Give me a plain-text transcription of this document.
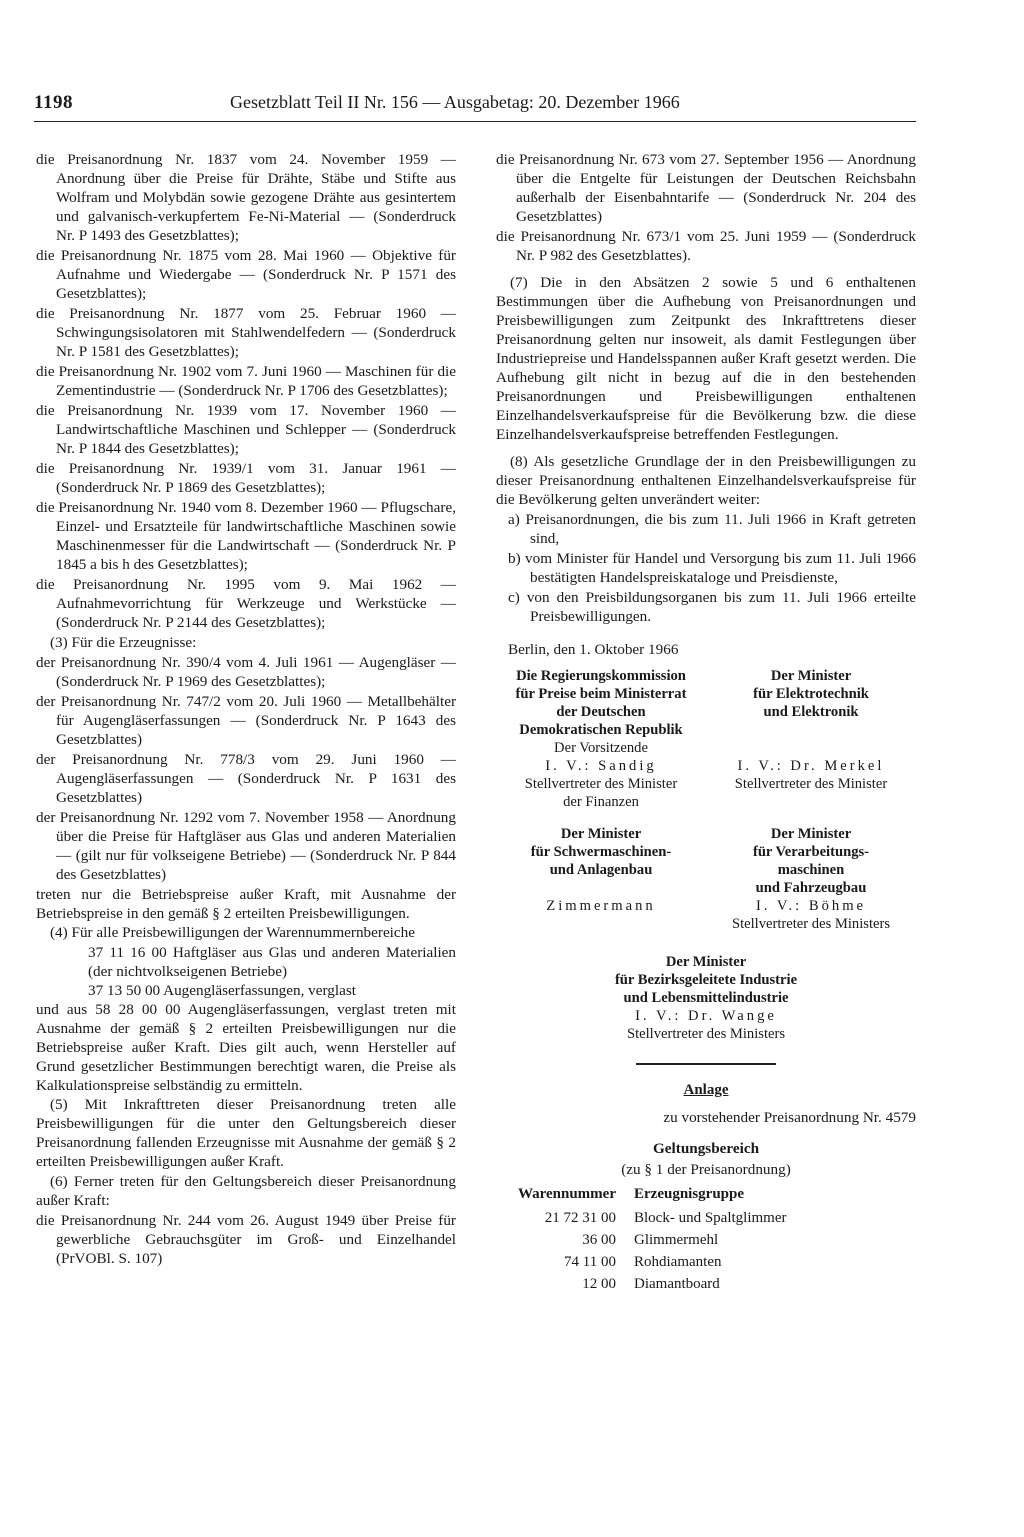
1198	Gesetzblatt Teil II Nr. 156 — Ausgabetag: 20. Dezember 1966

die Preisanordnung Nr. 1837 vom 24. November 1959 — Anordnung über die Preise für Drähte, Stäbe und Stifte aus Wolfram und Molybdän sowie gezogene Drähte aus gesintertem und galvanisch-verkupfertem Fe-Ni-Material — (Sonderdruck Nr. P 1493 des Gesetzblattes);

die Preisanordnung Nr. 1875 vom 28. Mai 1960 — Objektive für Aufnahme und Wiedergabe — (Sonderdruck Nr. P 1571 des Gesetzblattes);

die Preisanordnung Nr. 1877 vom 25. Februar 1960 — Schwingungsisolatoren mit Stahlwendelfedern — (Sonderdruck Nr. P 1581 des Gesetzblattes);

die Preisanordnung Nr. 1902 vom 7. Juni 1960 — Maschinen für die Zementindustrie — (Sonderdruck Nr. P 1706 des Gesetzblattes);

die Preisanordnung Nr. 1939 vom 17. November 1960 — Landwirtschaftliche Maschinen und Schlepper — (Sonderdruck Nr. P 1844 des Gesetzblattes);

die Preisanordnung Nr. 1939/1 vom 31. Januar 1961 — (Sonderdruck Nr. P 1869 des Gesetzblattes);

die Preisanordnung Nr. 1940 vom 8. Dezember 1960 — Pflugschare, Einzel- und Ersatzteile für landwirtschaftliche Maschinen sowie Maschinenmesser für die Landwirtschaft — (Sonderdruck Nr. P 1845 a bis h des Gesetzblattes);

die Preisanordnung Nr. 1995 vom 9. Mai 1962 — Aufnahmevorrichtung für Werkzeuge und Werkstücke — (Sonderdruck Nr. P 2144 des Gesetzblattes);

(3) Für die Erzeugnisse:

der Preisanordnung Nr. 390/4 vom 4. Juli 1961 — Augengläser — (Sonderdruck Nr. P 1969 des Gesetzblattes);

der Preisanordnung Nr. 747/2 vom 20. Juli 1960 — Metallbehälter für Augengläserfassungen — (Sonderdruck Nr. P 1643 des Gesetzblattes)

der Preisanordnung Nr. 778/3 vom 29. Juni 1960 — Augengläserfassungen — (Sonderdruck Nr. P 1631 des Gesetzblattes)

der Preisanordnung Nr. 1292 vom 7. November 1958 — Anordnung über die Preise für Haftgläser aus Glas und anderen Materialien — (gilt nur für volkseigene Betriebe) — (Sonderdruck Nr. P 844 des Gesetzblattes)

treten nur die Betriebspreise außer Kraft, mit Ausnahme der Betriebspreise in den gemäß § 2 erteilten Preisbewilligungen.

(4) Für alle Preisbewilligungen der Warennummernbereiche

37 11 16 00 Haftgläser aus Glas und anderen Materialien (der nichtvolkseigenen Betriebe)

37 13 50 00 Augengläserfassungen, verglast

und aus 58 28 00 00 Augengläserfassungen, verglast treten mit Ausnahme der gemäß § 2 erteilten Preisbewilligungen nur die Betriebspreise außer Kraft. Dies gilt auch, wenn Hersteller auf Grund gesetzlicher Bestimmungen berechtigt waren, die Preise als Kalkulationspreise selbständig zu ermitteln.

(5) Mit Inkrafttreten dieser Preisanordnung treten alle Preisbewilligungen für die unter den Geltungsbereich dieser Preisanordnung fallenden Erzeugnisse mit Ausnahme der gemäß § 2 erteilten Preisbewilligungen außer Kraft.

(6) Ferner treten für den Geltungsbereich dieser Preisanordnung außer Kraft:

die Preisanordnung Nr. 244 vom 26. August 1949 über Preise für gewerbliche Gebrauchsgüter im Groß- und Einzelhandel (PrVOBl. S. 107)

die Preisanordnung Nr. 673 vom 27. September 1956 — Anordnung über die Entgelte für Leistungen der Deutschen Reichsbahn außerhalb der Eisenbahntarife — (Sonderdruck Nr. 204 des Gesetzblattes)

die Preisanordnung Nr. 673/1 vom 25. Juni 1959 — (Sonderdruck Nr. P 982 des Gesetzblattes).

(7) Die in den Absätzen 2 sowie 5 und 6 enthaltenen Bestimmungen über die Aufhebung von Preisanordnungen und Preisbewilligungen zum Zeitpunkt des Inkrafttretens dieser Preisanordnung gelten nur insoweit, als damit Festlegungen über Industriepreise und Handelsspannen außer Kraft gesetzt werden. Die Aufhebung gilt nicht in bezug auf die in den bestehenden Preisanordnungen und Preisbewilligungen enthaltenen Einzelhandelsverkaufspreise für die Bevölkerung bzw. die diese Einzelhandelsverkaufspreise betreffenden Festlegungen.

(8) Als gesetzliche Grundlage der in den Preisbewilligungen zu dieser Preisanordnung enthaltenen Einzelhandelsverkaufspreise für die Bevölkerung gelten unverändert weiter:

a) Preisanordnungen, die bis zum 11. Juli 1966 in Kraft getreten sind,

b) vom Minister für Handel und Versorgung bis zum 11. Juli 1966 bestätigten Handelspreiskataloge und Preisdienste,

c) von den Preisbildungsorganen bis zum 11. Juli 1966 erteilte Preisbewilligungen.

Berlin, den 1. Oktober 1966

Die Regierungskommission
für Preise beim Ministerrat
der Deutschen
Demokratischen Republik
Der Vorsitzende
I. V.: Sandig
Stellvertreter des Minister
der Finanzen
Der Minister
für Elektrotechnik
und Elektronik
I. V.: Dr. Merkel
Stellvertreter des Minister
Der Minister
für Schwermaschinen-
und Anlagenbau
Zimmermann
Der Minister
für Verarbeitungs-
maschinen
und Fahrzeugbau
I. V.: Böhme
Stellvertreter des Ministers
Der Minister
für Bezirksgeleitete Industrie
und Lebensmittelindustrie
I. V.: Dr. Wange
Stellvertreter des Ministers
Anlage
zu vorstehender Preisanordnung Nr. 4579
Geltungsbereich
(zu § 1 der Preisanordnung)
Warennummer	Erzeugnisgruppe
21 72 31 00	Block- und Spaltglimmer
36 00	Glimmermehl
74 11 00	Rohdiamanten
12 00	Diamantboard
